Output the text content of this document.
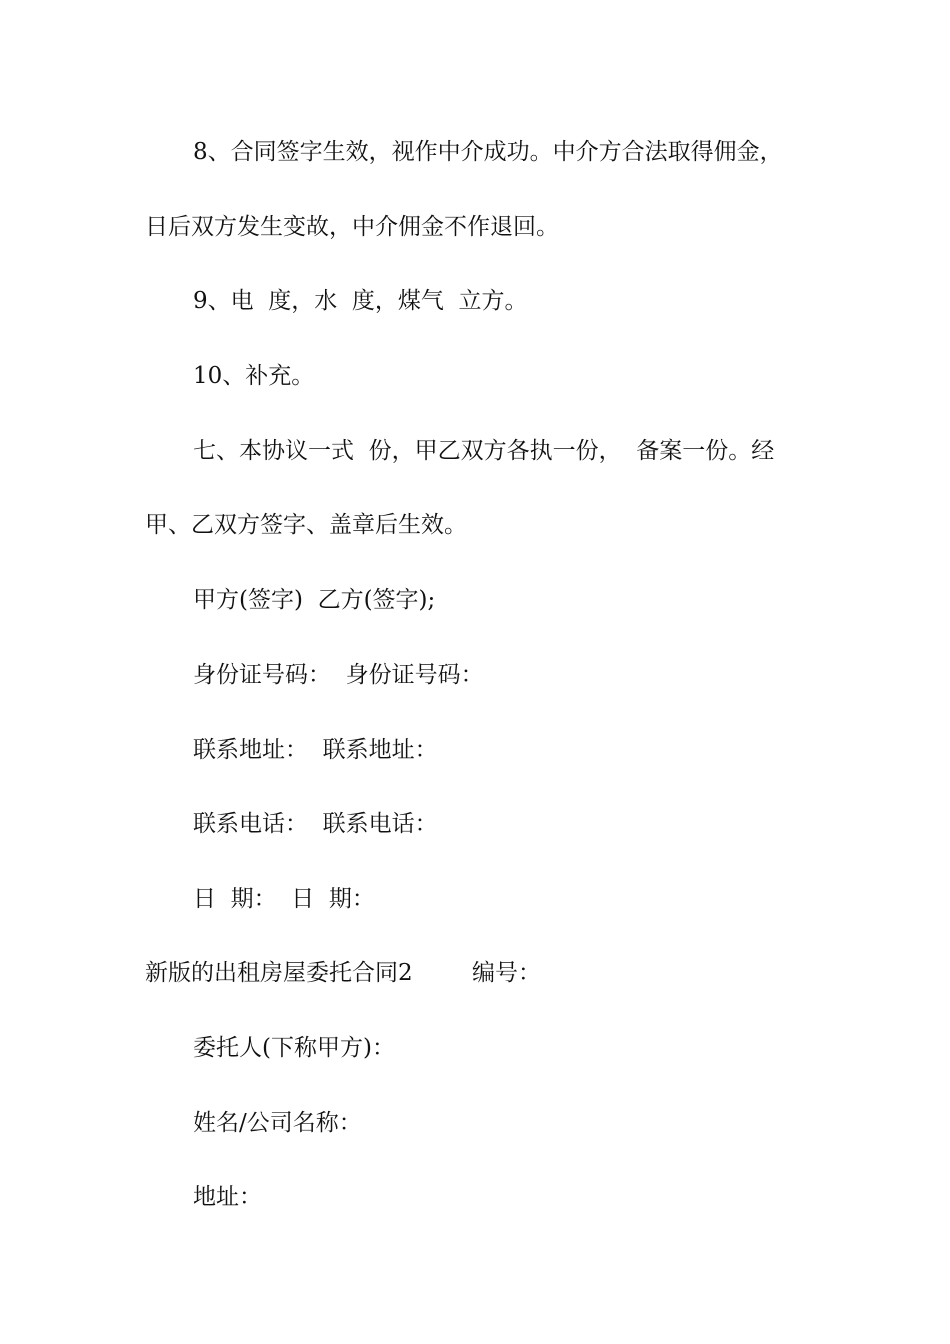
8、合同签字生效，视作中介成功。中介方合法取得佣金，
日后双方发生变故，中介佣金不作退回。
9、电  度，水  度，煤气  立方。
10、补充。
七、本协议一式  份，甲乙双方各执一份，  备案一份。经
甲、乙双方签字、盖章后生效。
甲方(签字)  乙方(签字);
身份证号码：  身份证号码：
联系地址：  联系地址：
联系电话：  联系电话：
日  期：  日  期：
新版的出租房屋委托合同2	编号：
委托人(下称甲方)：
姓名/公司名称：
地址：
